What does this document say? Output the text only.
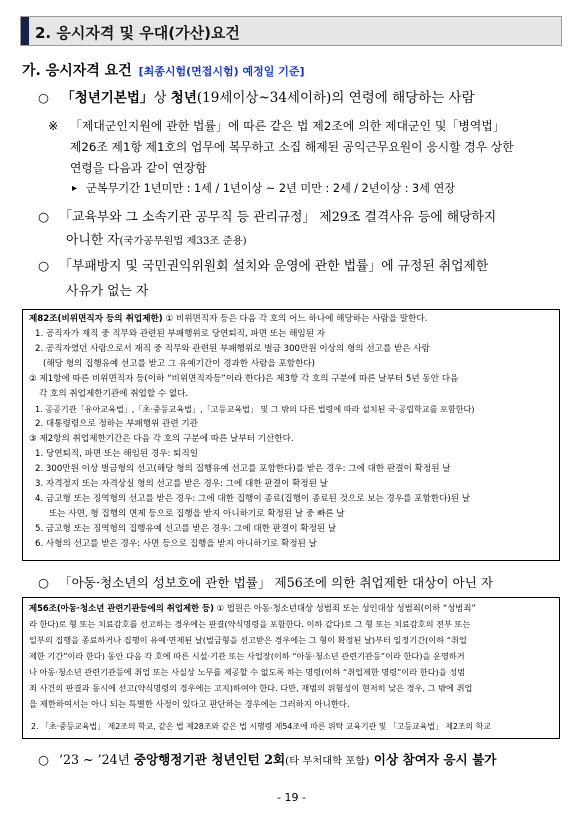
2. 응시자격 및 우대(가산)요건
가. 응시자격 요건 [최종시험(면접시험) 예정일 기준]
○ 「청년기본법」상 청년(19세이상~34세이하)의 연령에 해당하는 사람
※ 「제대군인지원에 관한 법률」에 따른 같은 법 제2조에 의한 제대군인 및「병역법」
제26조 제1항 제1호의 업무에 복무하고 소집 해제된 공익근무요원이 응시할 경우 상한
연령을 다음과 같이 연장함
▸ 군복무기간 1년미만 : 1세 / 1년이상 ~ 2년 미만 : 2세 / 2년이상 : 3세 연장
○ 「교육부와 그 소속기관 공무직 등 관리규정」 제29조 결격사유 등에 해당하지
아니한 자(국가공무원법 제33조 준용)
○ 「부패방지 및 국민권익위원회 설치와 운영에 관한 법률」에 규정된 취업제한
사유가 없는 자
제82조(비위면직자 등의 취업제한) ① 비위면직자 등은 다음 각 호의 어느 하나에 해당하는 사람을 말한다.
1. 공직자가 재직 중 직무와 관련된 부패행위로 당연퇴직, 파면 또는 해임된 자
2. 공직자였던 사람으로서 재직 중 직무와 관련된 부패행위로 벌금 300만원 이상의 형의 선고를 받은 사람
(해당 형의 집행유예 선고를 받고 그 유예기간이 경과한 사람을 포함한다)
② 제1항에 따른 비위면직자 등(이하 “비위면직자등”이라 한다)은 제3항 각 호의 구분에 따른 날부터 5년 동안 다음
각 호의 취업제한기관에 취업할 수 없다.
1. 공공기관「유아교육법」,「초·중등교육법」,「고등교육법」 및 그 밖의 다른 법령에 따라 설치된 국·공립학교를 포함한다)
2. 대통령령으로 정하는 부패행위 관련 기관
③ 제2항의 취업제한기간은 다음 각 호의 구분에 따른 날부터 기산한다.
1. 당연퇴직, 파면 또는 해임된 경우: 퇴직일
2. 300만원 이상 벌금형의 선고(해당 형의 집행유예 선고를 포함한다)를 받은 경우: 그에 대한 판결이 확정된 날
3. 자격정지 또는 자격상실 형의 선고를 받은 경우: 그에 대한 판결이 확정된 날
4. 금고형 또는 징역형의 선고를 받은 경우: 그에 대한 집행이 종료(집행이 종료된 것으로 보는 경우를 포함한다)된 날
또는 사면, 형 집행의 면제 등으로 집행을 받지 아니하기로 확정된 날 중 빠른 날
5. 금고형 또는 징역형의 집행유예 선고를 받은 경우: 그에 대한 판결이 확정된 날
6. 사형의 선고를 받은 경우: 사면 등으로 집행을 받지 아니하기로 확정된 날
○ 「아동·청소년의 성보호에 관한 법률」 제56조에 의한 취업제한 대상이 아닌 자
제56조(아동·청소년 관련기관등에의 취업제한 등) ① 법원은 아동·청소년대상 성범죄 또는 성인대상 성범죄(이하 “성범죄”
라 한다)로 형 또는 치료감호를 선고하는 경우에는 판결(약식명령을 포함한다. 이하 같다)로 그 형 또는 치료감호의 전부 또는
일부의 집행을 종료하거나 집행이 유예·면제된 날(벌금형을 선고받은 경우에는 그 형이 확정된 날)부터 일정기간(이하 “취업
제한 기간”이라 한다) 동안 다음 각 호에 따른 시설·기관 또는 사업장(이하 “아동·청소년 관련기관등”이라 한다)을 운영하거
나 아동·청소년 관련기관등에 취업 또는 사실상 노무를 제공할 수 없도록 하는 명령(이하 “취업제한 명령”이라 한다)을 성범
죄 사건의 판결과 동시에 선고(약식명령의 경우에는 고지)하여야 한다. 다만, 재범의 위험성이 현저히 낮은 경우, 그 밖에 취업
을 제한하여서는 아니 되는 특별한 사정이 있다고 판단하는 경우에는 그러하지 아니한다.
2. 「초·중등교육법」 제2조의 학교, 같은 법 제28조와 같은 법 시행령 제54조에 따른 위탁 교육기관 및 「고등교육법」 제2조의 학교
○ ’23 ~ ’24년 중앙행정기관 청년인턴 2회(타 부처대학 포함) 이상 참여자 응시 불가
- 19 -
